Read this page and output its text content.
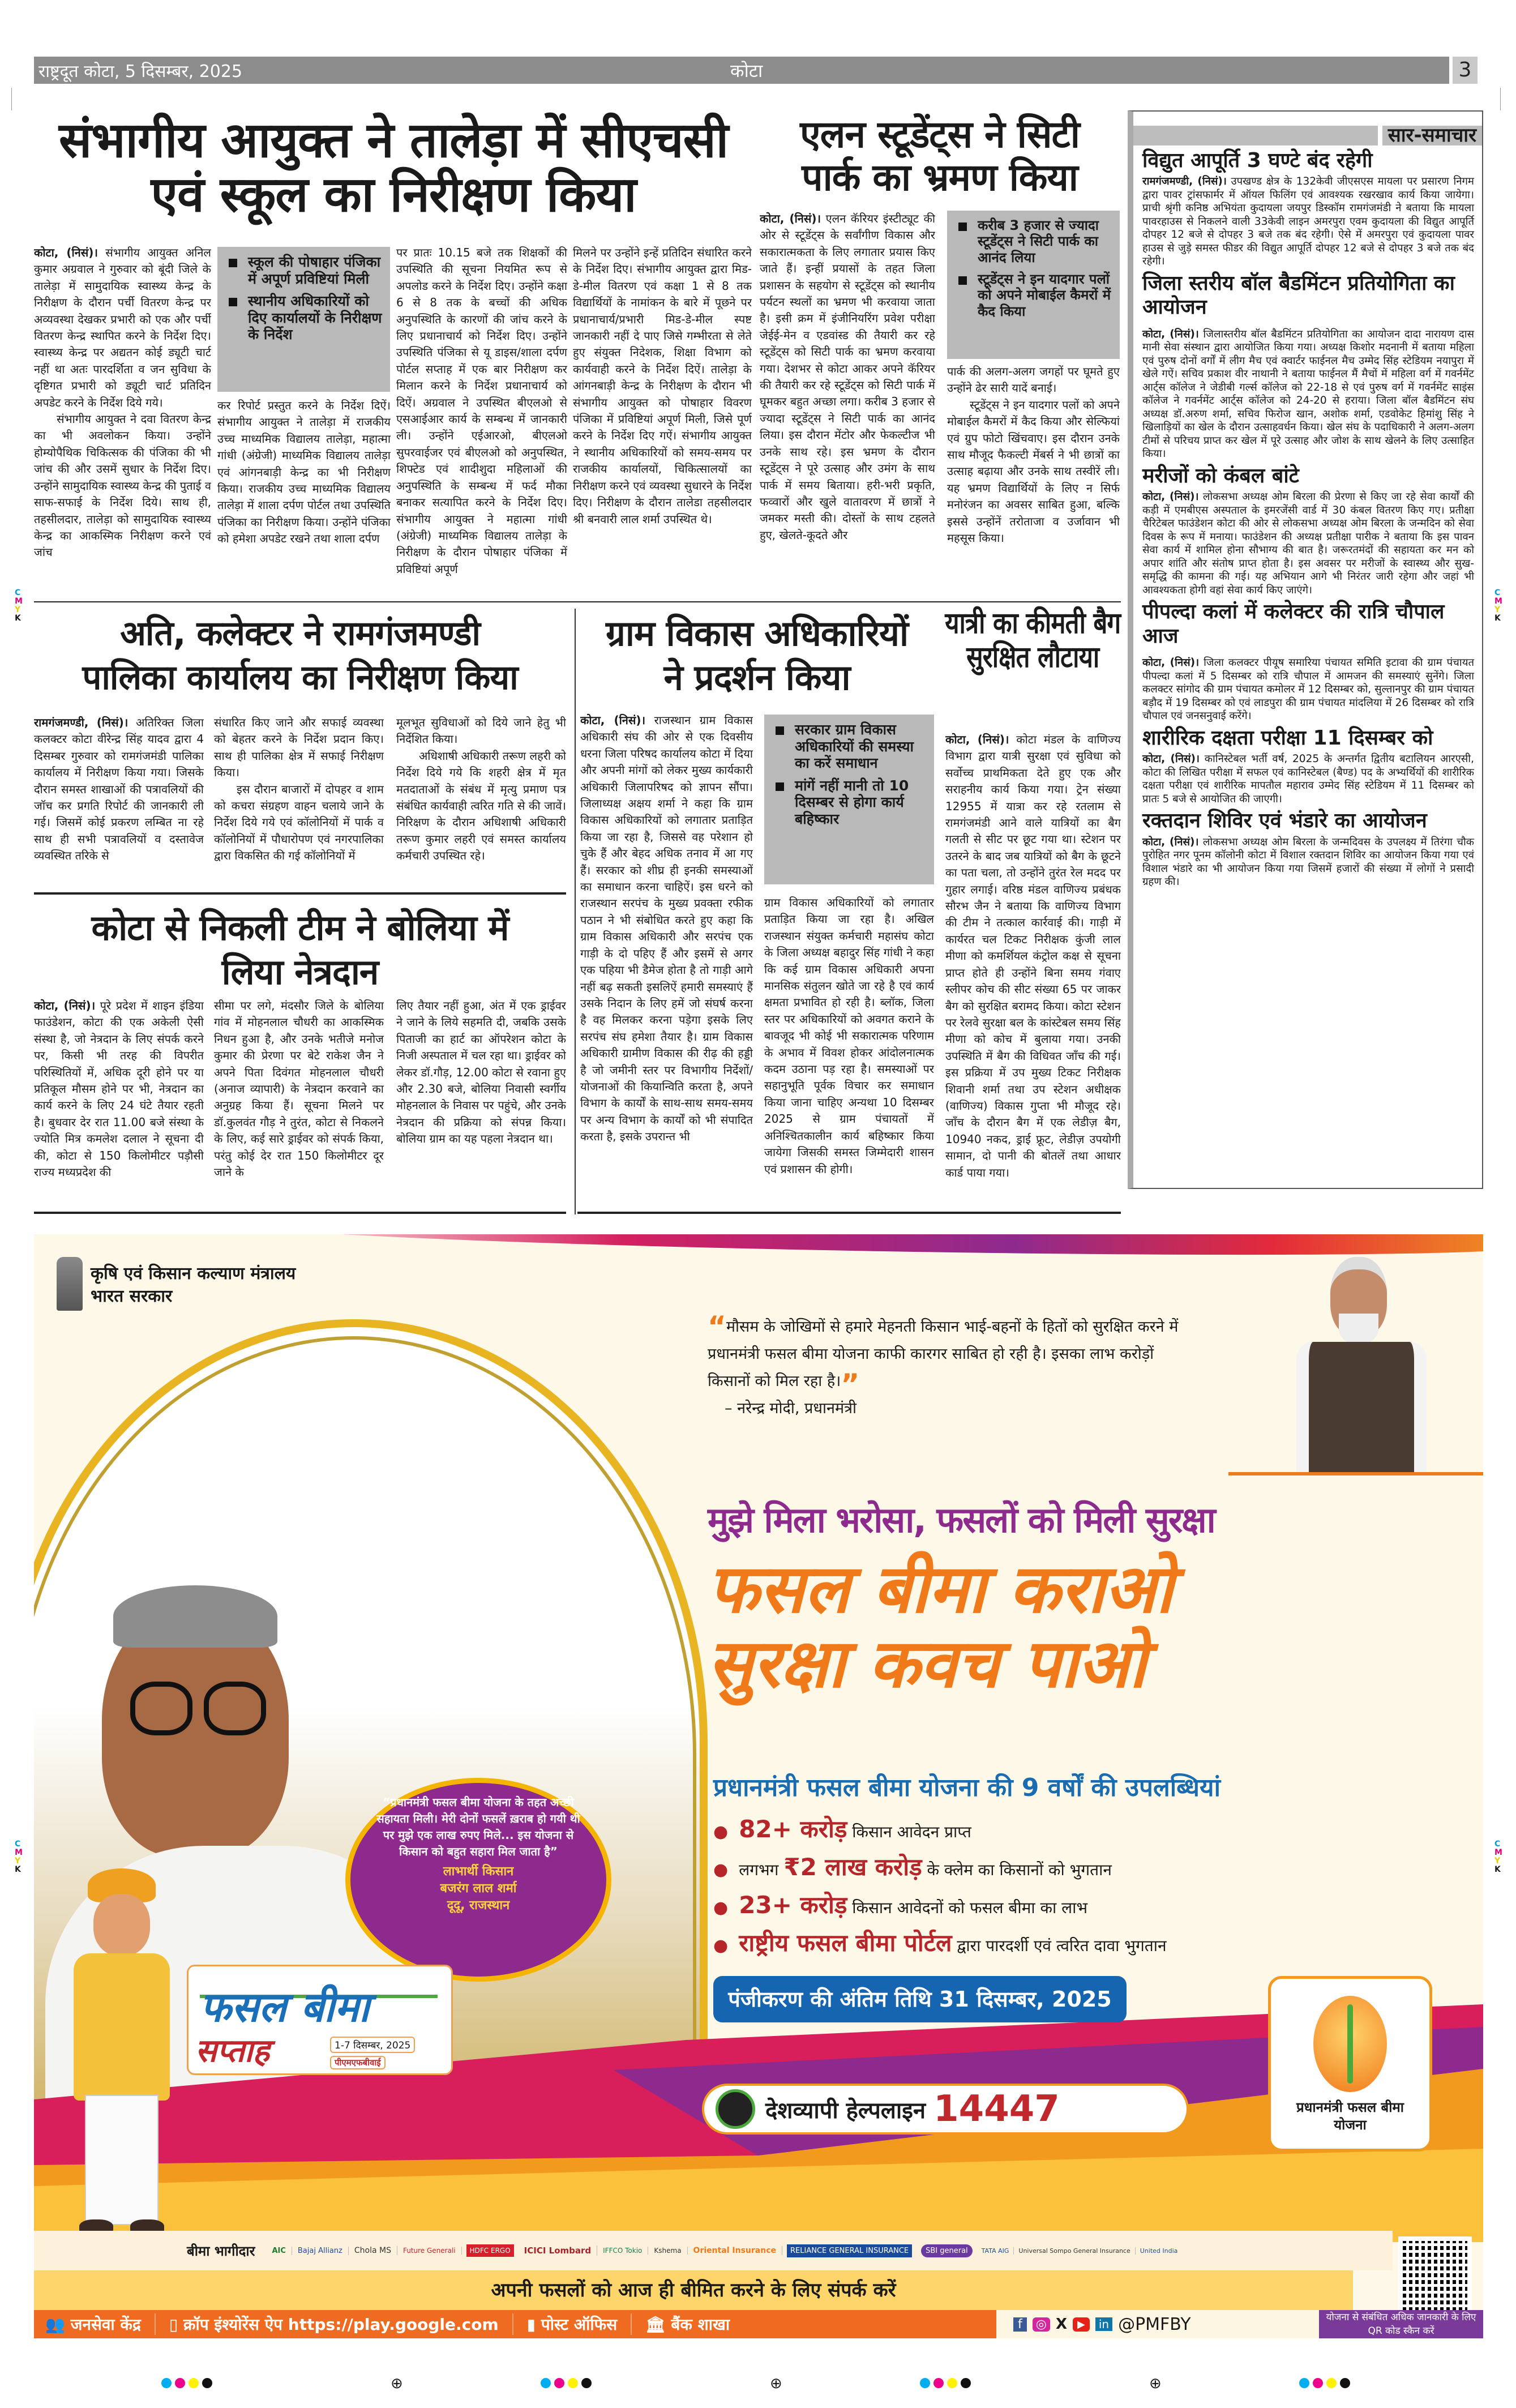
राष्ट्रदूत कोटा, 5 दिसम्बर, 2025	कोटा	3
संभागीय आयुक्त ने तालेड़ा में सीएचसी
एवं स्कूल का निरीक्षण किया

कोटा, (निसं)। संभागीय आयुक्त अनिल कुमार अग्रवाल ने गुरुवार को बूंदी जिले के तालेड़ा में सामुदायिक स्वास्थ्य केन्द्र के निरीक्षण के दौरान पर्ची वितरण केन्द्र पर अव्यवस्था देखकर प्रभारी को एक और पर्ची वितरण केन्द्र स्थापित करने के निर्देश दिए। स्वास्थ्य केन्द्र पर अद्यतन कोई ड्यूटी चार्ट नहीं था अतः पारदर्शिता व जन सुविधा के दृष्टिगत प्रभारी को ड्यूटी चार्ट प्रतिदिन अपडेट करने के निर्देश दिये गये।

संभागीय आयुक्त ने दवा वितरण केन्द्र का भी अवलोकन किया। उन्होंने होम्योपैथिक चिकित्सक की पंजिका की भी जांच की और उसमें सुधार के निर्देश दिए। उन्होंने सामुदायिक स्वास्थ्य केन्द्र की पुताई व साफ-सफाई के निर्देश दिये। साथ ही, तहसीलदार, तालेड़ा को सामुदायिक स्वास्थ्य केन्द्र का आकस्मिक निरीक्षण करने एवं जांच

स्कूल की पोषाहार पंजिका में अपूर्ण प्रविष्टियां मिली
स्थानीय अधिकारियों को दिए कार्यालयों के निरीक्षण के निर्देश

कर रिपोर्ट प्रस्तुत करने के निर्देश दिऐं। संभागीय आयुक्त ने तालेड़ा में राजकीय उच्च माध्यमिक विद्यालय तालेड़ा, महात्मा गांधी (अंग्रेजी) माध्यमिक विद्यालय तालेड़ा एवं आंगनबाड़ी केन्द्र का भी निरीक्षण किया। राजकीय उच्च माध्यमिक विद्यालय तालेड़ा में शाला दर्पण पोर्टल तथा उपस्थिति पंजिका का निरीक्षण किया। उन्होंने पंजिका को हमेशा अपडेट रखने तथा शाला दर्पण

पर प्रातः 10.15 बजे तक शिक्षकों की उपस्थिति की सूचना नियमित रूप से अपलोड करने के निर्देश दिए। उन्होंने कक्षा 6 से 8 तक के बच्चों की अधिक अनुपस्थिति के कारणों की जांच करने के लिए प्रधानाचार्य को निर्देश दिए। उन्होंने उपस्थिति पंजिका से यू डाइस/शाला दर्पण पोर्टल सप्ताह में एक बार निरीक्षण कर मिलान करने के निर्देश प्रधानाचार्य को दिऐं। अग्रवाल ने उपस्थित बीएलओ से एसआईआर कार्य के सम्बन्ध में जानकारी ली। उन्होंने एईआरओ, बीएलओ सुपरवाईजर एवं बीएलओ को अनुपस्थित, शिफ्टेड एवं शादीशुदा महिलाओं की अनुपस्थिति के सम्बन्ध में फर्द मौका बनाकर सत्यापित करने के निर्देश दिए। संभागीय आयुक्त ने महात्मा गांधी (अंग्रेजी) माध्यमिक विद्यालय तालेड़ा के निरीक्षण के दौरान पोषाहार पंजिका में प्रविष्टियां अपूर्ण

मिलने पर उन्होंने इन्हें प्रतिदिन संधारित करने के निर्देश दिए। संभागीय आयुक्त द्वारा मिड-डे-मील वितरण एवं कक्षा 1 से 8 तक विद्यार्थियों के नामांकन के बारे में पूछने पर प्रधानाचार्य/प्रभारी मिड-डे-मील स्पष्ट जानकारी नहीं दे पाए जिसे गम्भीरता से लेते हुए संयुक्त निदेशक, शिक्षा विभाग को कार्यवाही करने के निर्देश दिऐं। तालेड़ा के आंगनबाड़ी केन्द्र के निरीक्षण के दौरान भी संभागीय आयुक्त को पोषाहार विवरण पंजिका में प्रविष्टियां अपूर्ण मिली, जिसे पूर्ण करने के निर्देश दिए गऐं। संभागीय आयुक्त ने स्थानीय अधिकारियों को समय-समय पर राजकीय कार्यालयों, चिकित्सालयों का निरीक्षण करने एवं व्यवस्था सुधारने के निर्देश दिए। निरीक्षण के दौरान तालेडा तहसीलदार श्री बनवारी लाल शर्मा उपस्थित थे।

एलन स्टूडेंट्स ने सिटी
पार्क का भ्रमण किया

कोटा, (निसं)। एलन कॅरियर इंस्टीट्यूट की ओर से स्टूडेंट्स के सर्वांगीण विकास और सकारात्मकता के लिए लगातार प्रयास किए जाते हैं। इन्हीं प्रयासों के तहत जिला प्रशासन के सहयोग से स्टूडेंट्स को स्थानीय पर्यटन स्थलों का भ्रमण भी करवाया जाता है। इसी क्रम में इंजीनियरिंग प्रवेश परीक्षा जेईई-मेन व एडवांस्ड की तैयारी कर रहे स्टूडेंट्स को सिटी पार्क का भ्रमण करवाया गया। देशभर से कोटा आकर अपने कॅरियर की तैयारी कर रहे स्टूडेंट्स को सिटी पार्क में घूमकर बहुत अच्छा लगा। करीब 3 हजार से ज्यादा स्टूडेंट्स ने सिटी पार्क का आनंद लिया। इस दौरान मेंटोर और फेकल्टीज भी उनके साथ रहे। इस भ्रमण के दौरान स्टूडेंट्स ने पूरे उत्साह और उमंग के साथ पार्क में समय बिताया। हरी-भरी प्रकृति, फव्वारों और खुले वातावरण में छात्रों ने जमकर मस्ती की। दोस्तों के साथ टहलते हुए, खेलते-कूदते और

करीब 3 हजार से ज्यादा स्टूडेंट्स ने सिटी पार्क का आनंद लिया
स्टूडेंट्स ने इन यादगार पलों को अपने मोबाईल कैमरों में कैद किया

पार्क की अलग-अलग जगहों पर घूमते हुए उन्होंने ढेर सारी यादें बनाई।

स्टूडेंट्स ने इन यादगार पलों को अपने मोबाईल कैमरों में कैद किया और सेल्फियां एवं ग्रुप फोटो खिंचवाए। इस दौरान उनके साथ मौजूद फैकल्टी मेंबर्स ने भी छात्रों का उत्साह बढ़ाया और उनके साथ तस्वीरें ली। यह भ्रमण विद्यार्थियों के लिए न सिर्फ मनोरंजन का अवसर साबित हुआ, बल्कि इससे उन्होंनें तरोताजा व उर्जावान भी महसूस किया।

अति, कलेक्टर ने रामगंजमण्डी
पालिका कार्यालय का निरीक्षण किया

रामगंजमण्डी, (निसं)। अतिरिक्त जिला कलक्टर कोटा वीरेन्द्र सिंह यादव द्वारा 4 दिसम्बर गुरुवार को रामगंजमंडी पालिका कार्यालय में निरीक्षण किया गया। जिसके दौरान समस्त शाखाओं की पत्रावलियों की जॉच कर प्रगति रिपोर्ट की जानकारी ली गई। जिसमें कोई प्रकरण लम्बित ना रहे साथ ही सभी पत्रावलियों व दस्तावेज व्यवस्थित तरिके से

संधारित किए जाने और सफाई व्यवस्था को बेहतर करने के निर्देश प्रदान किए। साथ ही पालिका क्षेत्र में सफाई निरीक्षण किया।

इस दौरान बाजारों में दोपहर व शाम को कचरा संग्रहण वाहन चलाये जाने के निर्देश दिये गये एवं कॉलोनियों में पार्क व कॉलोनियों में पौधारोपण एवं नगरपालिका द्वारा विकसित की गई कॉलोनियों में

मूलभूत सुविधाओं को दिये जाने हेतु भी निर्देशित किया।

अधिशाषी अधिकारी तरूण लहरी को निर्देश दिये गये कि शहरी क्षेत्र में मृत मतदाताओं के संबंध में मृत्यु प्रमाण पत्र संबंधित कार्यवाही त्वरित गति से की जावें। निरिक्षण के दौरान अधिशाषी अधिकारी तरूण कुमार लहरी एवं समस्त कार्यालय कर्मचारी उपस्थित रहे।

कोटा से निकली टीम ने बोलिया में
लिया नेत्रदान

कोटा, (निसं)। पूरे प्रदेश में शाइन इंडिया फाउंडेशन, कोटा की एक अकेली ऐसी संस्था है, जो नेत्रदान के लिए संपर्क करने पर, किसी भी तरह की विपरीत परिस्थितियों में, अधिक दूरी होने पर या प्रतिकूल मौसम होने पर भी, नेत्रदान का कार्य करने के लिए 24 घंटे तैयार रहती है। बुधवार देर रात 11.00 बजे संस्था के ज्योति मित्र कमलेश दलाल ने सूचना दी की, कोटा से 150 किलोमीटर पड़ौसी राज्य मध्यप्रदेश की

सीमा पर लगे, मंदसौर जिले के बोलिया गांव में मोहनलाल चौधरी का आकस्मिक निधन हुआ है, और उनके भतीजे मनोज कुमार की प्रेरणा पर बेटे राकेश जैन ने अपने पिता दिवंगत मोहनलाल चौधरी (अनाज व्यापारी) के नेत्रदान करवाने का अनुग्रह किया हैं। सूचना मिलने पर डॉ.कुलवंत गौड़ ने तुरंत, कोटा से निकलने के लिए, कई सारे ड्राईवर को संपर्क किया, परंतु कोई देर रात 150 किलोमीटर दूर जाने के

लिए तैयार नहीं हुआ, अंत में एक ड्राईवर ने जाने के लिये सहमति दी, जबकि उसके पिताजी का हार्ट का ऑपरेशन कोटा के निजी अस्पताल में चल रहा था। ड्राईवर को लेकर डॉ.गौड़, 12.00 कोटा से रवाना हुए और 2.30 बजे, बोलिया निवासी स्वर्गीय मोहनलाल के निवास पर पहुंचे, और उनके नेत्रदान की प्रक्रिया को संपन्न किया। बोलिया ग्राम का यह पहला नेत्रदान था।

ग्राम विकास अधिकारियों
ने प्रदर्शन किया

कोटा, (निसं)। राजस्थान ग्राम विकास अधिकारी संघ की ओर से एक दिवसीय धरना जिला परिषद कार्यालय कोटा में दिया और अपनी मांगों को लेकर मुख्य कार्यकारी अधिकारी जिलापरिषद को ज्ञापन सौंपा। जिलाध्यक्ष अक्षय शर्मा ने कहा कि ग्राम विकास अधिकारियों को लगातार प्रताड़ित किया जा रहा है, जिससे वह परेशान हो चुके हैं और बेहद अधिक तनाव में आ गए हैं। सरकार को शीघ्र ही इनकी समस्याओं का समाधान करना चाहिऐं। इस धरने को राजस्थान सरपंच के मुख्य प्रवक्ता रफीक पठान ने भी संबोधित करते हुए कहा कि ग्राम विकास अधिकारी और सरपंच एक गाड़ी के दो पहिए हैं और इसमें से अगर एक पहिया भी डैमेज होता है तो गाड़ी आगे नहीं बढ़ सकती इसलिऐं हमारी समस्याएं हैं उसके निदान के लिए हमें जो संघर्ष करना है वह मिलकर करना पड़ेगा इसके लिए सरपंच संघ हमेशा तैयार है। ग्राम विकास अधिकारी ग्रामीण विकास की रीढ़ की हड्डी है जो जमीनी स्तर पर विभागीय निर्देशों/ योजनाओं की कियान्विति करता है, अपने विभाग के कार्यों के साथ-साथ समय-समय पर अन्य विभाग के कार्यों को भी संपादित करता है, इसके उपरान्त भी

सरकार ग्राम विकास अधिकारियों की समस्या का करें समाधान
मांगें नहीं मानी तो 10 दिसम्बर से होगा कार्य बहिष्कार

ग्राम विकास अधिकारियों को लगातार प्रताड़ित किया जा रहा है। अखिल राजस्थान संयुक्त कर्मचारी महासंघ कोटा के जिला अध्यक्ष बहादुर सिंह गांधी ने कहा कि कई ग्राम विकास अधिकारी अपना मानसिक संतुलन खोते जा रहे है एवं कार्य क्षमता प्रभावित हो रही है। ब्लॉक, जिला स्तर पर अधिकारियों को अवगत कराने के बावजूद भी कोई भी सकारात्मक परिणाम के अभाव में विवश होकर आंदोलनात्मक कदम उठाना पड़ रहा है। समस्याओं पर सहानुभूति पूर्वक विचार कर समाधान किया जाना चाहिए अन्यथा 10 दिसम्बर 2025 से ग्राम पंचायतों में अनिश्चितकालीन कार्य बहिष्कार किया जायेगा जिसकी समस्त जिम्मेदारी शासन एवं प्रशासन की होगी।

यात्री का कीमती बैग सुरक्षित लौटाया

कोटा, (निसं)। कोटा मंडल के वाणिज्य विभाग द्वारा यात्री सुरक्षा एवं सुविधा को सर्वोच्च प्राथमिकता देते हुए एक और सराहनीय कार्य किया गया। ट्रेन संख्या 12955 में यात्रा कर रहे रतलाम से रामगंजमंडी आने वाले यात्रियों का बैग गलती से सीट पर छूट गया था। स्टेशन पर उतरने के बाद जब यात्रियों को बैग के छूटने का पता चला, तो उन्होंने तुरंत रेल मदद पर गुहार लगाई। वरिष्ठ मंडल वाणिज्य प्रबंधक सौरभ जैन ने बताया कि वाणिज्य विभाग की टीम ने तत्काल कार्रवाई की। गाड़ी में कार्यरत चल टिकट निरीक्षक कुंजी लाल मीणा को कमर्शियल कंट्रोल कक्ष से सूचना प्राप्त होते ही उन्होंने बिना समय गंवाए स्लीपर कोच की सीट संख्या 65 पर जाकर बैग को सुरक्षित बरामद किया। कोटा स्टेशन पर रेलवे सुरक्षा बल के कांस्टेबल समय सिंह मीणा को कोच में बुलाया गया। उनकी उपस्थिति में बैग की विधिवत जाँच की गई। इस प्रक्रिया में उप मुख्य टिकट निरीक्षक शिवानी शर्मा तथा उप स्टेशन अधीक्षक (वाणिज्य) विकास गुप्ता भी मौजूद रहे। जाँच के दौरान बैग में एक लेडीज़ बैग, 10940 नकद, ड्राई फ्रूट, लेडीज़ उपयोगी सामान, दो पानी की बोतलें तथा आधार कार्ड पाया गया।

सार-समाचार
विद्युत आपूर्ति 3 घण्टे बंद रहेगी
रामगंजमण्डी, (निसं)। उपखण्ड क्षेत्र के 132केवी जीएसएस मायला पर प्रसारण निगम द्वारा पावर ट्रांसफार्मर में ऑयल फिलिंग एवं आवश्यक रखरखाव कार्य किया जायेगा। प्राची श्रृंगी कनिष्ठ अभियंता कुदायला जयपुर डिस्कॉम रामगंजमंडी ने बताया कि मायला पावरहाउस से निकलने वाली 33केवी लाइन अमरपुरा एवम कुदायला की विद्युत आपूर्ति दोपहर 12 बजे से दोपहर 3 बजे तक बंद रहेगी। ऐसे में अमरपुरा एवं कुदायला पावर हाउस से जुड़े समस्त फीडर की विद्युत आपूर्ति दोपहर 12 बजे से दोपहर 3 बजे तक बंद रहेगी।
जिला स्तरीय बॉल बैडमिंटन प्रतियोगिता का आयोजन
कोटा, (निसं)। जिलास्तरीय बॉल बैडमिंटन प्रतियोगिता का आयोजन दादा नारायण दास मानी सेवा संस्थान द्वारा आयोजित किया गया। अध्यक्ष किशोर मदनानी में बताया महिला एवं पुरुष दोनों वर्गों में लीग मैच एवं क्वार्टर फाईनल मैच उम्मेद सिंह स्टेडियम नयापुरा में खेले गऐं। सचिव प्रकाश वीर नाथानी ने बताया फाईनल मैं मैचों में महिला वर्ग में गवर्नमेंट आर्ट्स कॉलेज ने जेडीबी गर्ल्स कॉलेज को 22-18 से एवं पुरुष वर्ग में गवर्नमेंट साइंस कॉलेज ने गवर्नमेंट आर्ट्स कॉलेज को 24-20 से हराया। जिला बॉल बैडमिंटन संघ अध्यक्ष डॉ.अरुण शर्मा, सचिव फिरोज खान, अशोक शर्मा, एडवोकेट हिमांशु सिंह ने खिलाड़ियों का खेल के दौरान उत्साहवर्धन किया। खेल संघ के पदाधिकारी ने अलग-अलग टीमों से परिचय प्राप्त कर खेल में पूरे उत्साह और जोश के साथ खेलने के लिए उत्साहित किया।
मरीजों को कंबल बांटे
कोटा, (निसं)। लोकसभा अध्यक्ष ओम बिरला की प्रेरणा से किए जा रहे सेवा कार्यों की कड़ी में एमबीएस अस्पताल के इमरजेंसी वार्ड में 30 कंबल वितरण किए गए। प्रतीक्षा चैरिटेबल फाउंडेशन कोटा की ओर से लोकसभा अध्यक्ष ओम बिरला के जन्मदिन को सेवा दिवस के रूप में मनाया। फाउंडेशन की अध्यक्ष प्रतीक्षा पारीक ने बताया कि इस पावन सेवा कार्य में शामिल होना सौभाग्य की बात है। जरूरतमंदों की सहायता कर मन को अपार शांति और संतोष प्राप्त होता है। इस अवसर पर मरीजों के स्वास्थ्य और सुख-समृद्धि की कामना की गई। यह अभियान आगे भी निरंतर जारी रहेगा और जहां भी आवश्यकता होगी वहां सेवा कार्य किए जाएंगे।
पीपल्दा कलां में कलेक्टर की रात्रि चौपाल आज
कोटा, (निसं)। जिला कलक्टर पीयूष समारिया पंचायत समिति इटावा की ग्राम पंचायत पीपल्दा कलां में 5 दिसम्बर को रात्रि चौपाल में आमजन की समस्याएं सुनेंगे। जिला कलक्टर सांगोद की ग्राम पंचायत कमोलर में 12 दिसम्बर को, सुल्तानपुर की ग्राम पंचायत बड़ौद में 19 दिसम्बर को एवं लाडपुरा की ग्राम पंचायत मांदलिया में 26 दिसम्बर को रात्रि चौपाल एवं जनसनुवाई करेंगे।
शारीरिक दक्षता परीक्षा 11 दिसम्बर को
कोटा, (निसं)। कानिस्टेबल भर्ती वर्ष, 2025 के अन्तर्गत द्वितीय बटालियन आरएसी, कोटा की लिखित परीक्षा में सफल एवं कानिस्टेबल (बैण्ड) पद के अभ्यर्थियों की शारीरिक दक्षता परीक्षा एवं शारीरिक मापतौल महाराव उम्मेद सिंह स्टेडियम में 11 दिसम्बर को प्रातः 5 बजे से आयोजित की जाएगी।
रक्तदान शिविर एवं भंडारे का आयोजन
कोटा, (निसं)। लोकसभा अध्यक्ष ओम बिरला के जन्मदिवस के उपलक्ष्य में तिरंगा चौक पुरोहित नगर पूनम कॉलोनी कोटा में विशाल रक्तदान शिविर का आयोजन किया गया एवं विशाल भंडारे का भी आयोजन किया गया जिसमें हजारों की संख्या में लोगों ने प्रसादी ग्रहण की।
C
M
Y
K
C
M
Y
K
C
M
Y
K
C
M
Y
K
कृषि एवं किसान कल्याण मंत्रालय
भारत सरकार
“प्रधानमंत्री फसल बीमा योजना के तहत अच्छी सहायता मिली। मेरी दोनों फसलें ख़राब हो गयी थी पर मुझे एक लाख रुपए मिले... इस योजना से किसान को बहुत सहारा मिल जाता है”
लाभार्थी किसान
बजरंग लाल शर्मा
दूदू, राजस्थान
फसल बीमा
सप्ताह	1-7 दिसम्बर, 2025
पीएमएफबीवाई
“मौसम के जोखिमों से हमारे मेहनती किसान भाई-बहनों के हितों को सुरक्षित करने में प्रधानमंत्री फसल बीमा योजना काफी कारगर साबित हो रही है। इसका लाभ करोड़ों किसानों को मिल रहा है।”
– नरेन्द्र मोदी, प्रधानमंत्री
मुझे मिला भरोसा, फसलों को मिली सुरक्षा
फसल बीमा कराओ
सुरक्षा कवच पाओ
प्रधानमंत्री फसल बीमा योजना की 9 वर्षों की उपलब्धियां
●  82+ करोड़ किसान आवेदन प्राप्त
●  लगभग ₹2 लाख करोड़ के क्लेम का किसानों को भुगतान
●  23+ करोड़ किसान आवेदनों को फसल बीमा का लाभ
●  राष्ट्रीय फसल बीमा पोर्टल द्वारा पारदर्शी एवं त्वरित दावा भुगतान
पंजीकरण की अंतिम तिथि 31 दिसम्बर, 2025
देशव्यापी हेल्पलाइन 14447	प्रधानमंत्री फसल बीमा योजना
बीमा भागीदार	AIC	Bajaj Allianz	Chola MS	Future Generali	HDFC ERGO	ICICI Lombard	IFFCO Tokio	Kshema	Oriental Insurance	RELIANCE GENERAL INSURANCE	SBI general	TATA AIG	Universal Sompo General Insurance	United India
अपनी फसलों को आज ही बीमित करने के लिए संपर्क करें
👥 जनसेवा केंद्र	▯ क्रॉप इंश्योरेंस ऐप https://play.google.com	▮ पोस्ट ऑफिस	🏛 बैंक शाखा	f	◎ X	▶	in @PMFBY	योजना से संबंधित अधिक जानकारी के लिए QR कोड स्कैन करें
⊕	⊕	⊕
